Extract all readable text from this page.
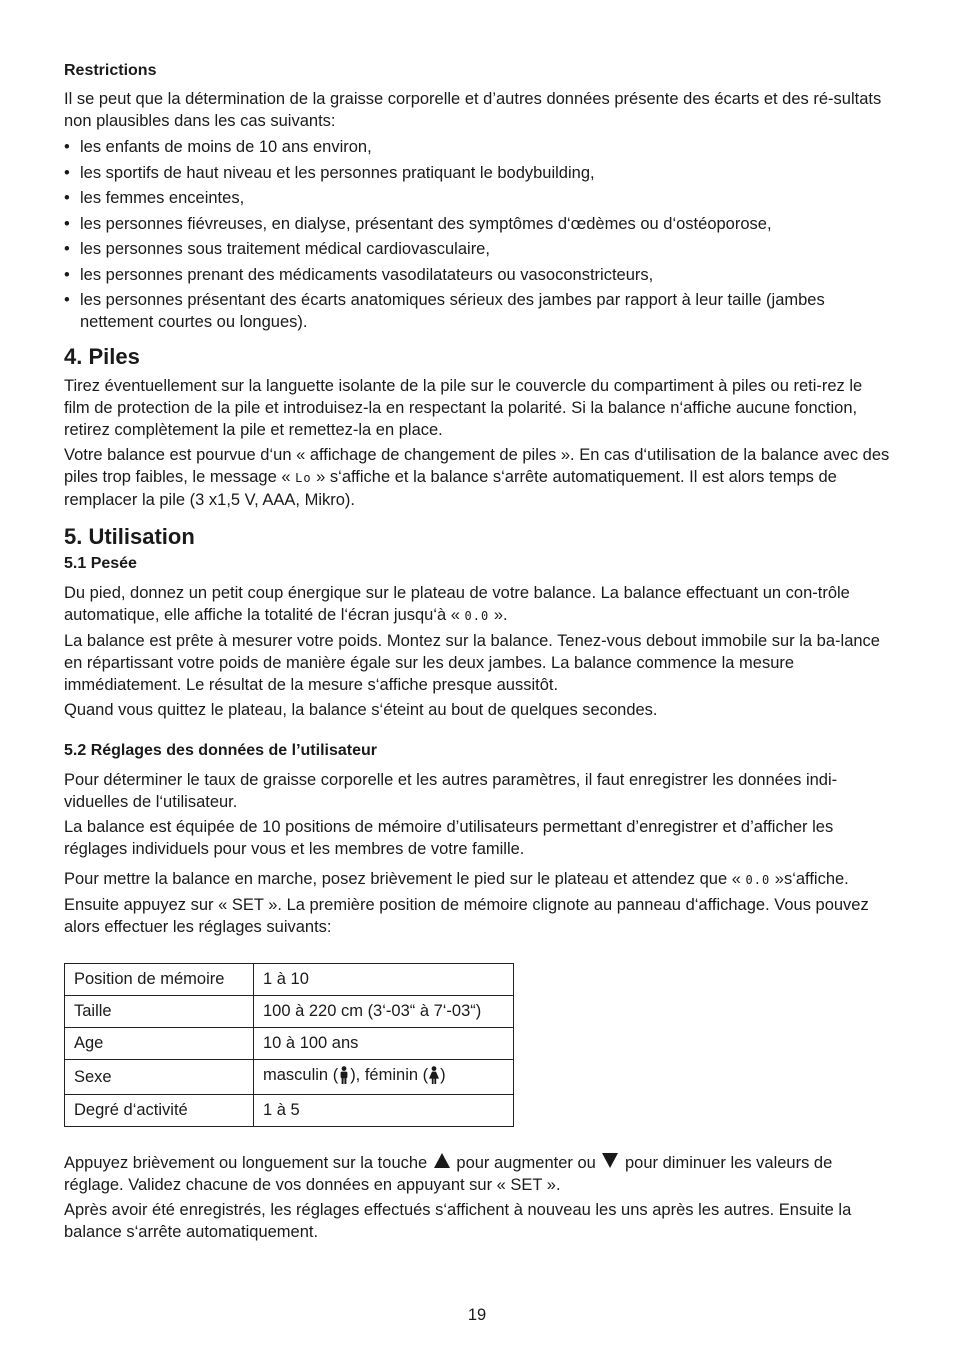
Restrictions

Il se peut que la détermination de la graisse corporelle et d’autres données présente des écarts et des ré-sultats non plausibles dans les cas suivants:

• les enfants de moins de 10 ans environ,
• les sportifs de haut niveau et les personnes pratiquant le bodybuilding,
• les femmes enceintes,
• les personnes fiévreuses, en dialyse, présentant des symptômes d‘œdèmes ou d‘ostéoporose,
• les personnes sous traitement médical cardiovasculaire,
• les personnes prenant des médicaments vasodilatateurs ou vasoconstricteurs,
• les personnes présentant des écarts anatomiques sérieux des jambes par rapport à leur taille (jambes nettement courtes ou longues).
4. Piles

Tirez éventuellement sur la languette isolante de la pile sur le couvercle du compartiment à piles ou reti-rez le film de protection de la pile et introduisez-la en respectant la polarité. Si la balance n‘affiche aucune fonction, retirez complètement la pile et remettez-la en place.

Votre balance est pourvue d‘un « affichage de changement de piles ». En cas d‘utilisation de la balance avec des piles trop faibles, le message « Lo » s‘affiche et la balance s‘arrête automatiquement. Il est alors temps de remplacer la pile (3 x1,5 V, AAA, Mikro).

5. Utilisation
5.1 Pesée

Du pied, donnez un petit coup énergique sur le plateau de votre balance. La balance effectuant un con-trôle automatique, elle affiche la totalité de l‘écran jusqu‘à « 0.0 ».

La balance est prête à mesurer votre poids. Montez sur la balance. Tenez-vous debout immobile sur la ba-lance en répartissant votre poids de manière égale sur les deux jambes. La balance commence la mesure immédiatement. Le résultat de la mesure s‘affiche presque aussitôt.

Quand vous quittez le plateau, la balance s‘éteint au bout de quelques secondes.

5.2 Réglages des données de l’utilisateur

Pour déterminer le taux de graisse corporelle et les autres paramètres, il faut enregistrer les données indi-viduelles de l‘utilisateur.

La balance est équipée de 10 positions de mémoire d’utilisateurs permettant d’enregistrer et d’afficher les réglages individuels pour vous et les membres de votre famille.

Pour mettre la balance en marche, posez brièvement le pied sur le plateau et attendez que « 0.0 »s‘affiche.

Ensuite appuyez sur « SET ». La première position de mémoire clignote au panneau d‘affichage. Vous pouvez alors effectuer les réglages suivants:

Position de mémoire	1 à 10
Taille	100 à 220 cm (3‘-03“ à 7‘-03“)
Age	10 à 100 ans
Sexe	masculin ( ), féminin ( )
Degré d‘activité	1 à 5

Appuyez brièvement ou longuement sur la touche  pour augmenter ou  pour diminuer les valeurs de réglage. Validez chacune de vos données en appuyant sur « SET ».

Après avoir été enregistrés, les réglages effectués s‘affichent à nouveau les uns après les autres. Ensuite la balance s‘arrête automatiquement.

19
